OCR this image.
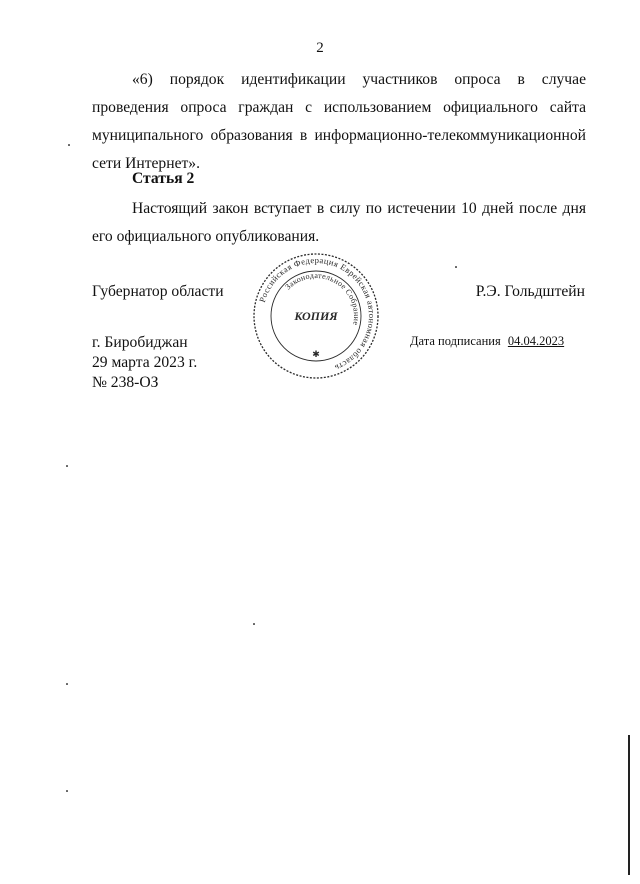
2
«6) порядок идентификации участников опроса в случае проведения опроса граждан с использованием официального сайта муниципального образования в информационно-телекоммуникационной сети Интернет».
Статья 2
Настоящий закон вступает в силу по истечении 10 дней после дня его официального опубликования.
Губернатор области	Р.Э. Гольдштейн
г. Биробиджан
29 марта 2023 г.
№ 238-ОЗ
Дата подписания 04.04.2023
Российская Федерация Еврейская автономная область
Законодательное Собрание
КОПИЯ
✱
